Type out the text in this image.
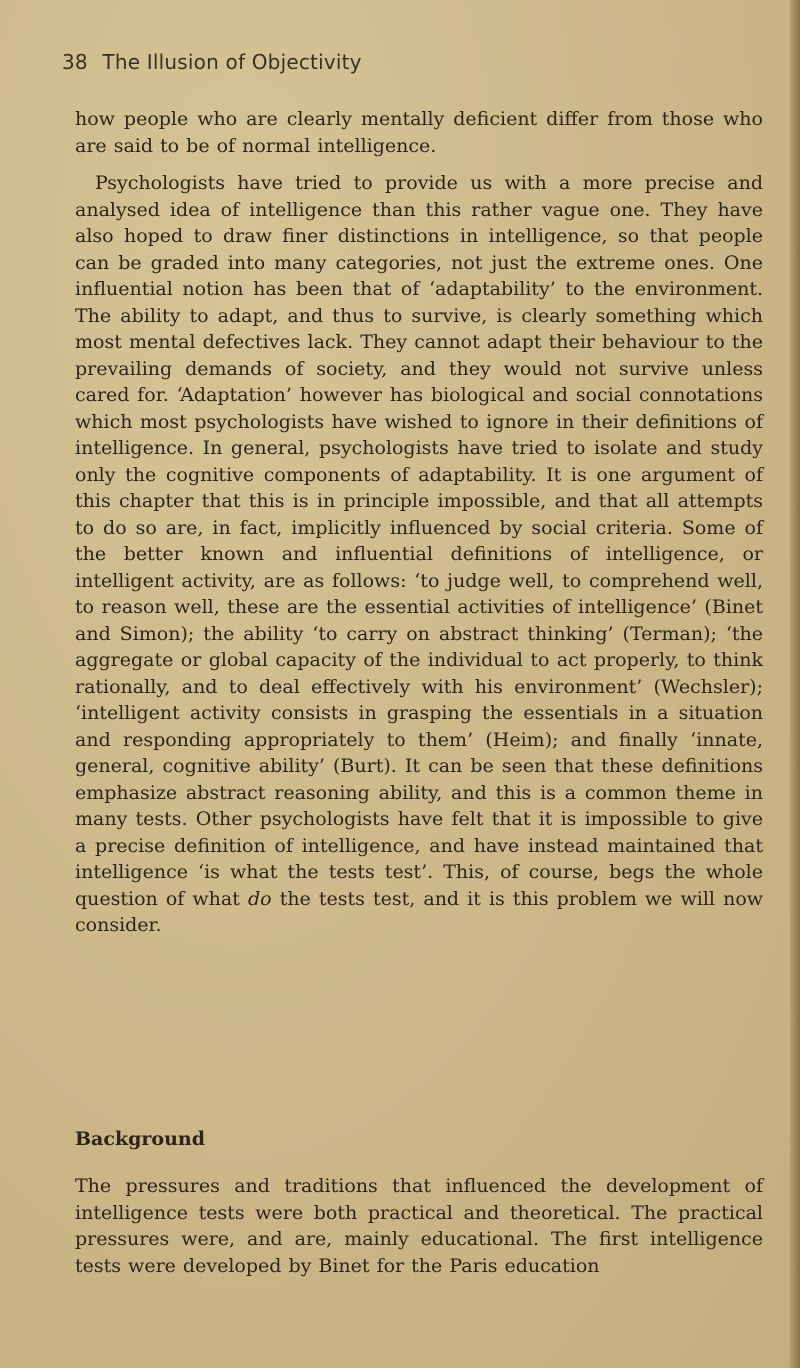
38 The Illusion of Objectivity

how people who are clearly mentally deficient differ from those who are said to be of normal intelligence.

Psychologists have tried to provide us with a more precise and analysed idea of intelligence than this rather vague one. They have also hoped to draw finer distinctions in intelligence, so that people can be graded into many categories, not just the extreme ones. One influential notion has been that of ‘adaptability’ to the environment. The ability to adapt, and thus to survive, is clearly something which most mental defectives lack. They cannot adapt their behaviour to the prevailing demands of society, and they would not survive unless cared for. ‘Adaptation’ however has biological and social connotations which most psychologists have wished to ignore in their definitions of intelligence. In general, psychologists have tried to isolate and study only the cognitive components of adaptability. It is one argument of this chapter that this is in principle impossible, and that all attempts to do so are, in fact, implicitly influenced by social criteria. Some of the better known and influential definitions of intelligence, or intelligent activity, are as follows: ‘to judge well, to comprehend well, to reason well, these are the essential activities of intelligence’ (Binet and Simon); the ability ‘to carry on abstract thinking’ (Terman); ‘the aggregate or global capacity of the individual to act properly, to think rationally, and to deal effectively with his environment’ (Wechsler); ‘intelligent activity consists in grasping the essentials in a situation and responding appropriately to them’ (Heim); and finally ‘innate, general, cognitive ability’ (Burt). It can be seen that these definitions emphasize abstract reasoning ability, and this is a common theme in many tests. Other psychologists have felt that it is impossible to give a precise definition of intelligence, and have instead maintained that intelligence ‘is what the tests test’. This, of course, begs the whole question of what do the tests test, and it is this problem we will now consider.

Background

The pressures and traditions that influenced the development of intelligence tests were both practical and theoretical. The practical pressures were, and are, mainly educational. The first intelligence tests were developed by Binet for the Paris education
